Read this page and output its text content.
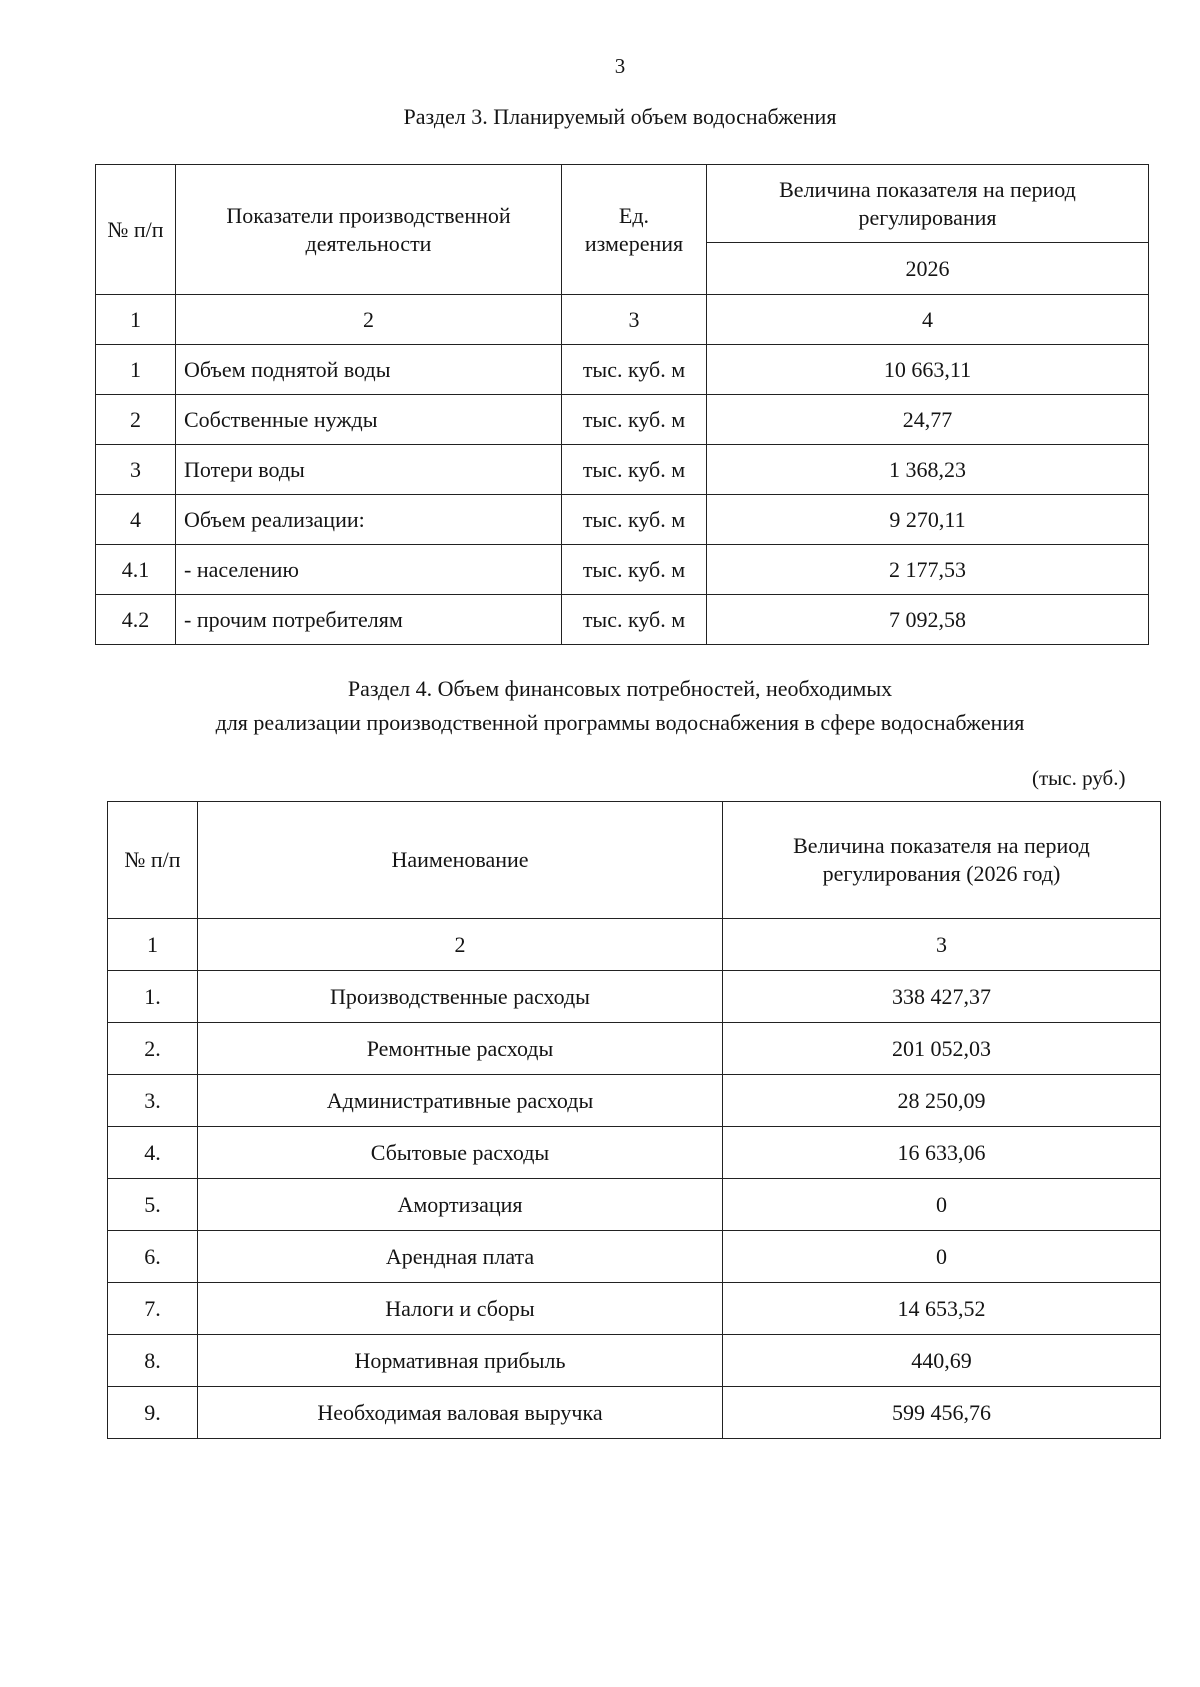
3
Раздел 3. Планируемый объем водоснабжения
№ п/п	Показатели производственной деятельности	Ед. измерения	Величина показателя на период регулирования
			2026
1	2	3	4
1	Объем поднятой воды	тыс. куб. м	10 663,11
2	Собственные нужды	тыс. куб. м	24,77
3	Потери воды	тыс. куб. м	1 368,23
4	Объем реализации:	тыс. куб. м	9 270,11
4.1	- населению	тыс. куб. м	2 177,53
4.2	- прочим потребителям	тыс. куб. м	7 092,58
Раздел 4. Объем финансовых потребностей, необходимых
для реализации производственной программы водоснабжения в сфере водоснабжения
(тыс. руб.)
№ п/п	Наименование	Величина показателя на период регулирования (2026 год)
1	2	3
1.	Производственные расходы	338 427,37
2.	Ремонтные расходы	201 052,03
3.	Административные расходы	28 250,09
4.	Сбытовые расходы	16 633,06
5.	Амортизация	0
6.	Арендная плата	0
7.	Налоги и сборы	14 653,52
8.	Нормативная прибыль	440,69
9.	Необходимая валовая выручка	599 456,76
